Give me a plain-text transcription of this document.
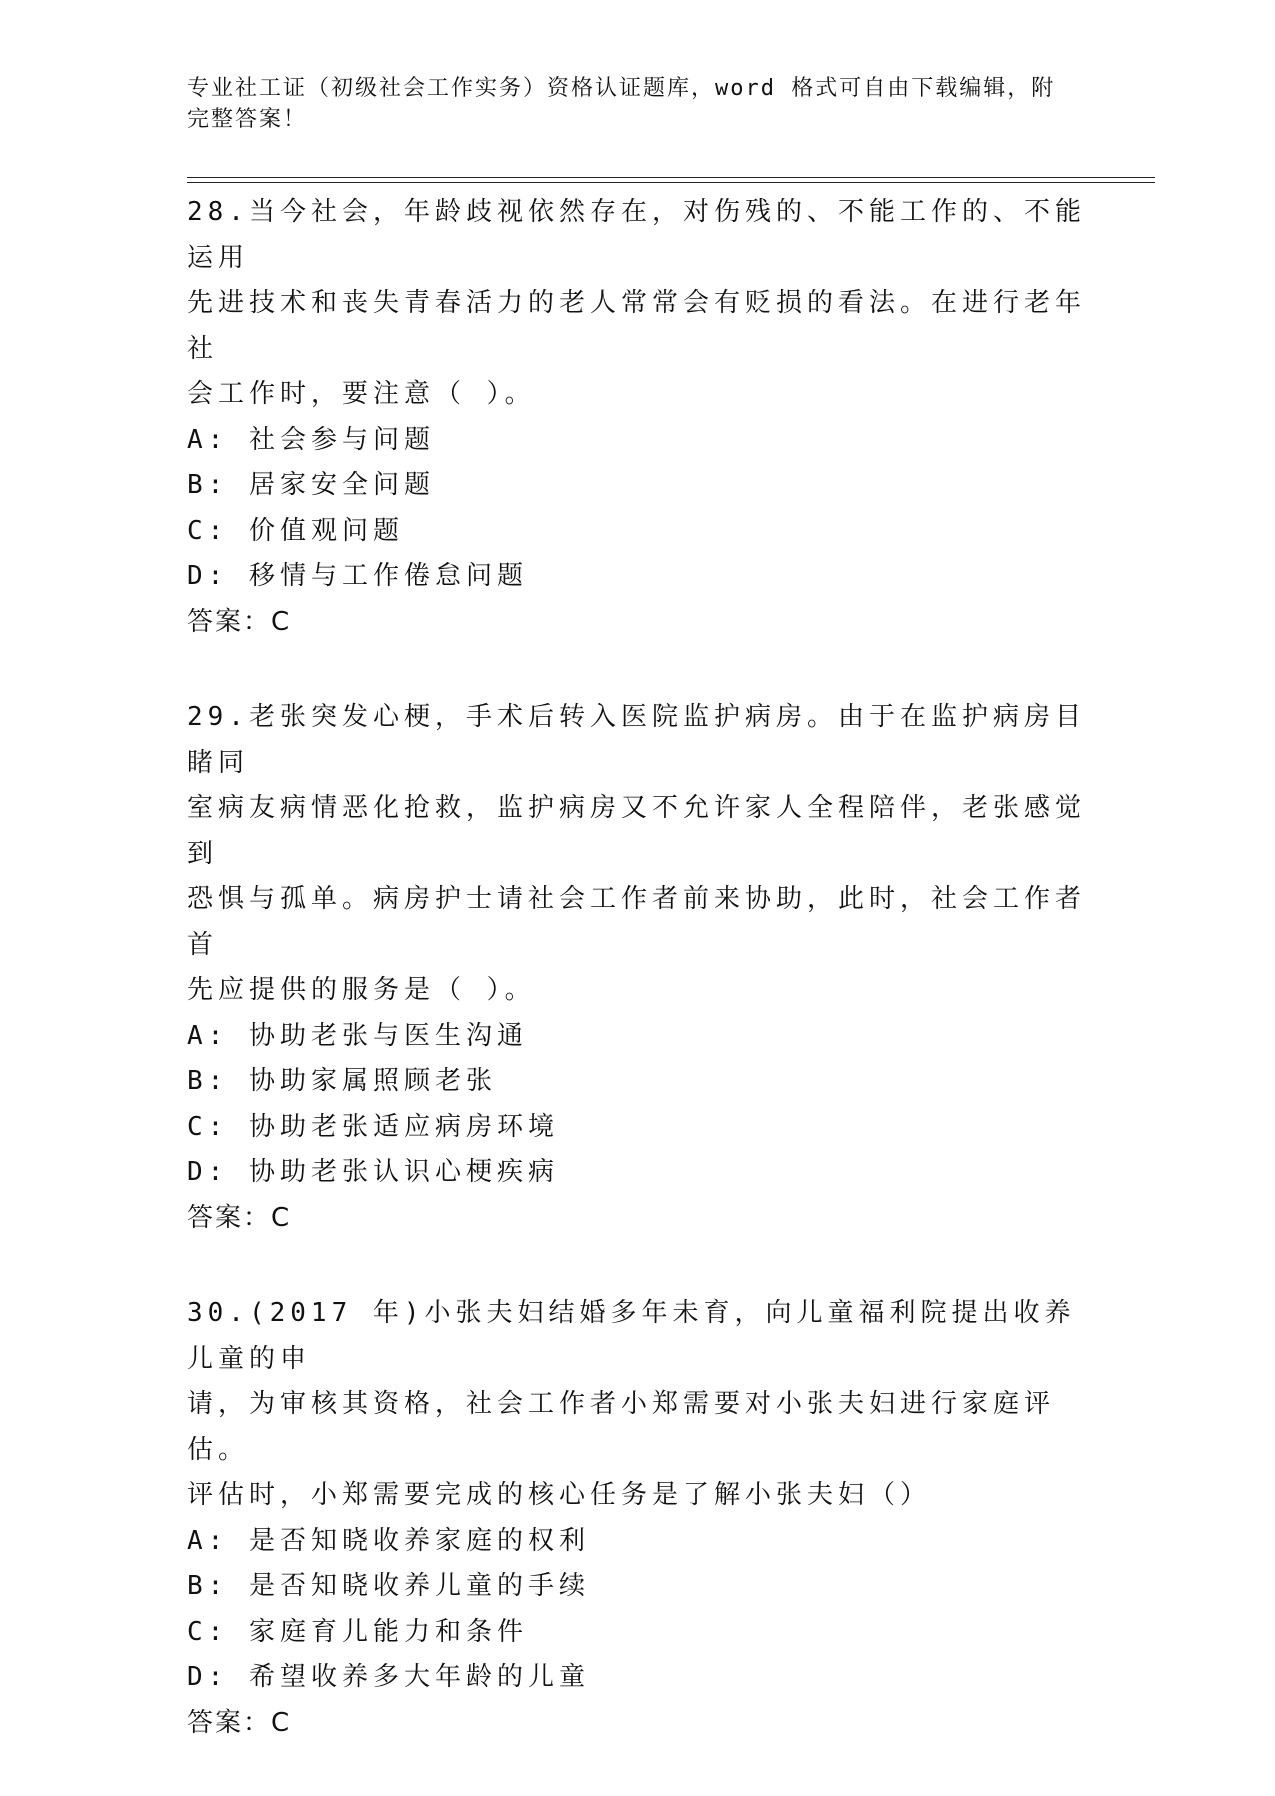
专业社工证（初级社会工作实务）资格认证题库，word 格式可自由下载编辑，附
完整答案！

28.当今社会，年龄歧视依然存在，对伤残的、不能工作的、不能运用

先进技术和丧失青春活力的老人常常会有贬损的看法。在进行老年社

会工作时，要注意（ ）。

A: 社会参与问题

B: 居家安全问题

C: 价值观问题

D: 移情与工作倦怠问题

答案：C

29.老张突发心梗，手术后转入医院监护病房。由于在监护病房目睹同

室病友病情恶化抢救，监护病房又不允许家人全程陪伴，老张感觉到

恐惧与孤单。病房护士请社会工作者前来协助，此时，社会工作者首

先应提供的服务是（ ）。

A: 协助老张与医生沟通

B: 协助家属照顾老张

C: 协助老张适应病房环境

D: 协助老张认识心梗疾病

答案：C

30.(2017 年)小张夫妇结婚多年未育，向儿童福利院提出收养儿童的申

请，为审核其资格，社会工作者小郑需要对小张夫妇进行家庭评估。

评估时，小郑需要完成的核心任务是了解小张夫妇（）

A: 是否知晓收养家庭的权利

B: 是否知晓收养儿童的手续

C: 家庭育儿能力和条件

D: 希望收养多大年龄的儿童

答案：C
